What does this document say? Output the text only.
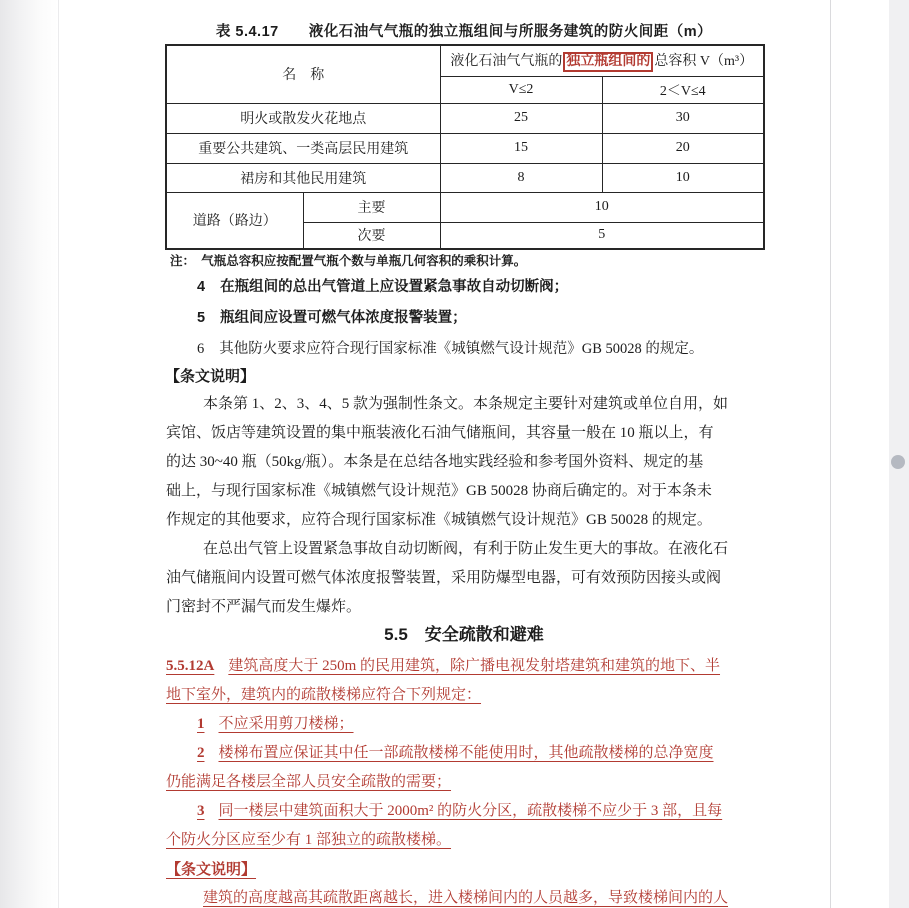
表 5.4.17　　液化石油气气瓶的独立瓶组间与所服务建筑的防火间距（m）
名　称		液化石油气气瓶的 独立瓶组间的 总容积 V（m³）	
		V≤2	2＜V≤4
明火或散发火花地点		25	30
重要公共建筑、一类高层民用建筑		15	20
裙房和其他民用建筑		8	10
道路（路边）	主要	10	
	次要	5	
注：　气瓶总容积应按配置气瓶个数与单瓶几何容积的乘积计算。
4 在瓶组间的总出气管道上应设置紧急事故自动切断阀；
5 瓶组间应设置可燃气体浓度报警装置；
6 其他防火要求应符合现行国家标准《城镇燃气设计规范》GB 50028 的规定。
【条文说明】
本条第 1、2、3、4、5 款为强制性条文。本条规定主要针对建筑或单位自用，如
宾馆、饭店等建筑设置的集中瓶装液化石油气储瓶间，其容量一般在 10 瓶以上，有
的达 30~40 瓶（50kg/瓶）。本条是在总结各地实践经验和参考国外资料、规定的基
础上，与现行国家标准《城镇燃气设计规范》GB 50028 协商后确定的。对于本条未
作规定的其他要求，应符合现行国家标准《城镇燃气设计规范》GB 50028 的规定。
在总出气管上设置紧急事故自动切断阀，有利于防止发生更大的事故。在液化石
油气储瓶间内设置可燃气体浓度报警装置，采用防爆型电器，可有效预防因接头或阀
门密封不严漏气而发生爆炸。
5.5　安全疏散和避难
5.5.12A 建筑高度大于 250m 的民用建筑，除广播电视发射塔建筑和建筑的地下、半
地下室外，建筑内的疏散楼梯应符合下列规定：
1 不应采用剪刀楼梯；
2 楼梯布置应保证其中任一部疏散楼梯不能使用时，其他疏散楼梯的总净宽度
仍能满足各楼层全部人员安全疏散的需要；
3 同一楼层中建筑面积大于 2000m² 的防火分区，疏散楼梯不应少于 3 部，且每
个防火分区应至少有 1 部独立的疏散楼梯。
【条文说明】
建筑的高度越高其疏散距离越长，进入楼梯间内的人员越多，导致楼梯间内的人
